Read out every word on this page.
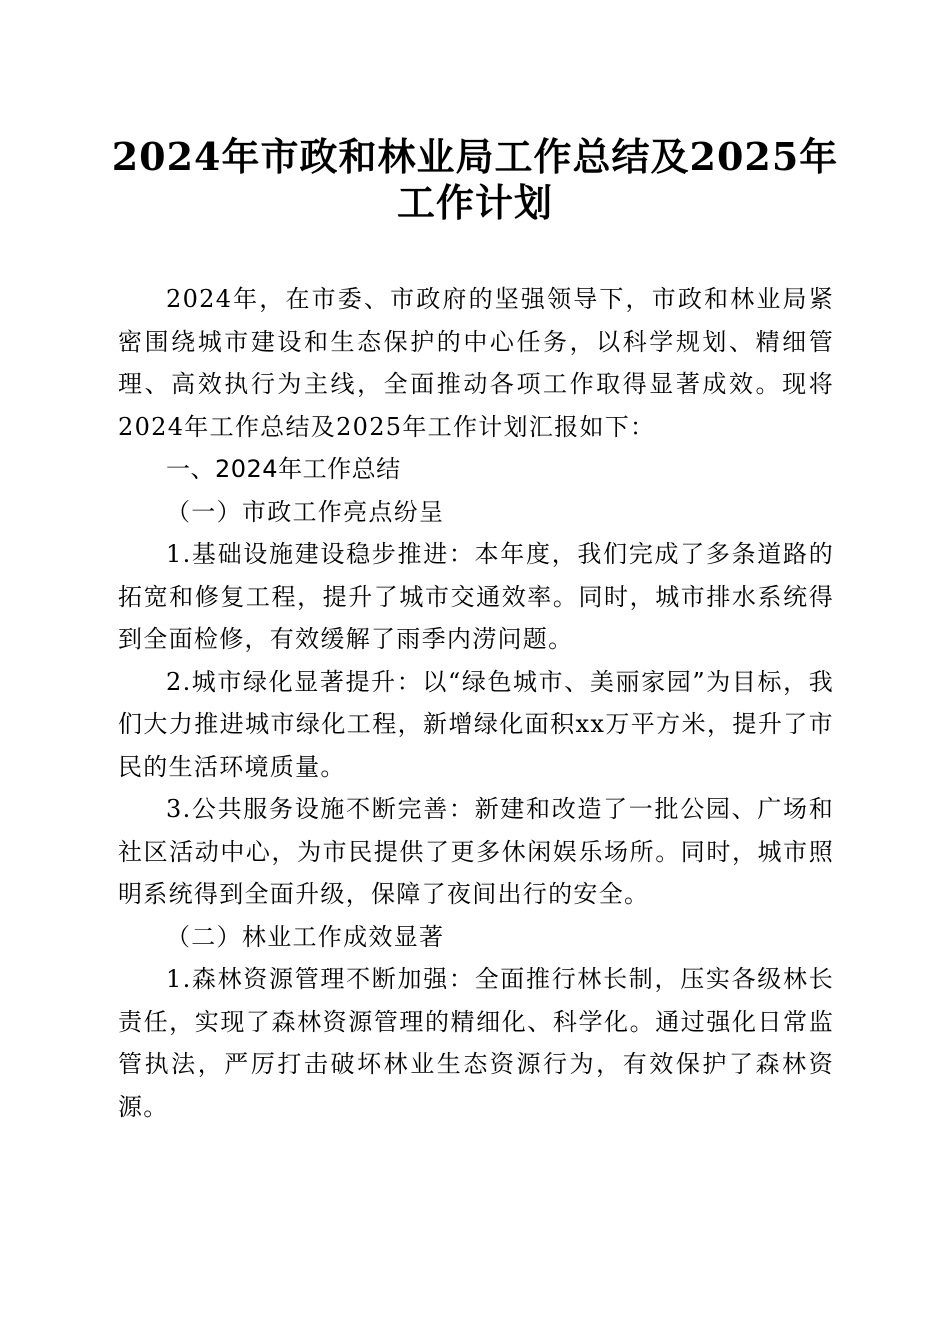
2024年市政和林业局工作总结及2025年工作计划

2024年，在市委、市政府的坚强领导下，市政和林业局紧密围绕城市建设和生态保护的中心任务，以科学规划、精细管理、高效执行为主线，全面推动各项工作取得显著成效。现将2024年工作总结及2025年工作计划汇报如下：

一、2024年工作总结

（一）市政工作亮点纷呈

1.基础设施建设稳步推进：本年度，我们完成了多条道路的拓宽和修复工程，提升了城市交通效率。同时，城市排水系统得到全面检修，有效缓解了雨季内涝问题。

2.城市绿化显著提升：以“绿色城市、美丽家园”为目标，我们大力推进城市绿化工程，新增绿化面积xx万平方米，提升了市民的生活环境质量。

3.公共服务设施不断完善：新建和改造了一批公园、广场和社区活动中心，为市民提供了更多休闲娱乐场所。同时，城市照明系统得到全面升级，保障了夜间出行的安全。

（二）林业工作成效显著

1.森林资源管理不断加强：全面推行林长制，压实各级林长责任，实现了森林资源管理的精细化、科学化。通过强化日常监管执法，严厉打击破坏林业生态资源行为，有效保护了森林资源。
